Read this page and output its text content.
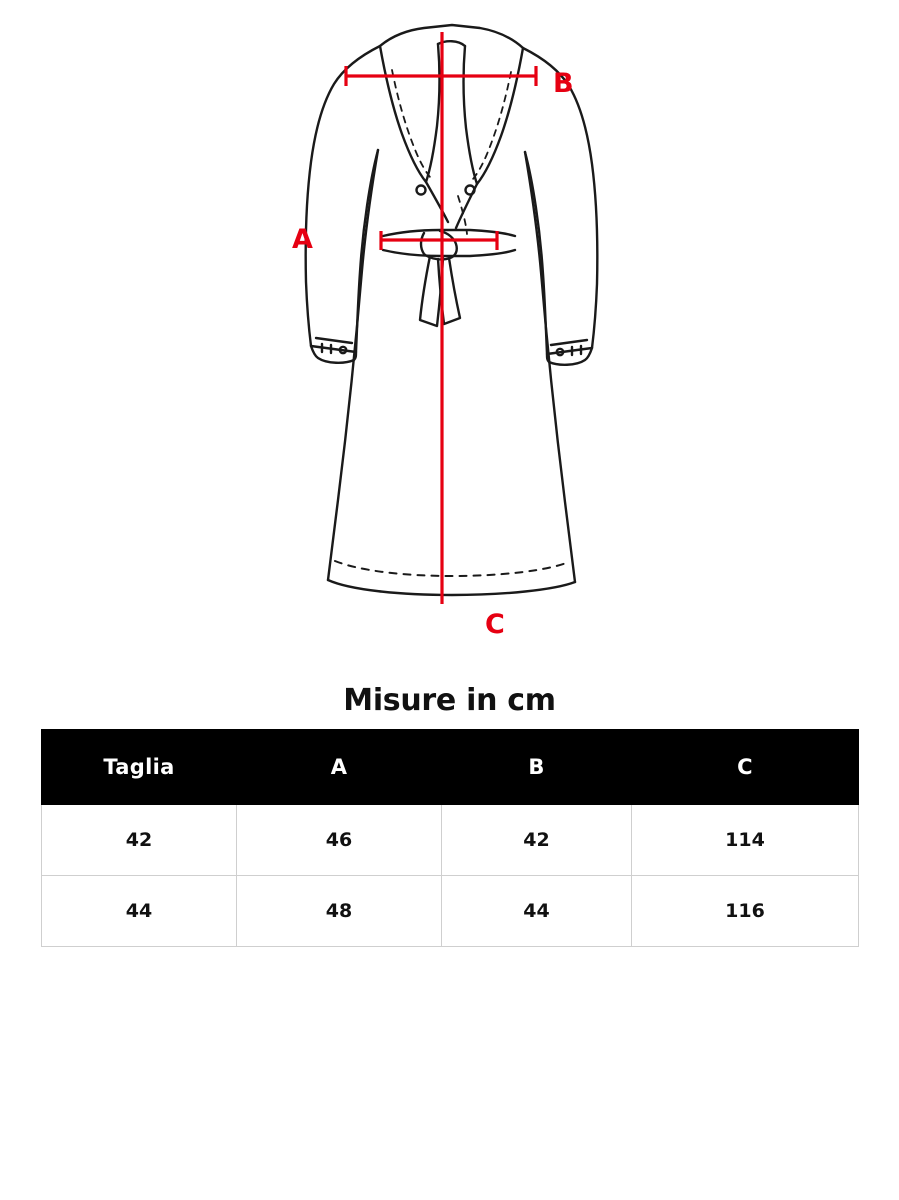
B
A
C
Misure in cm
Taglia	A	B	C
42	46	42	114
44	48	44	116
